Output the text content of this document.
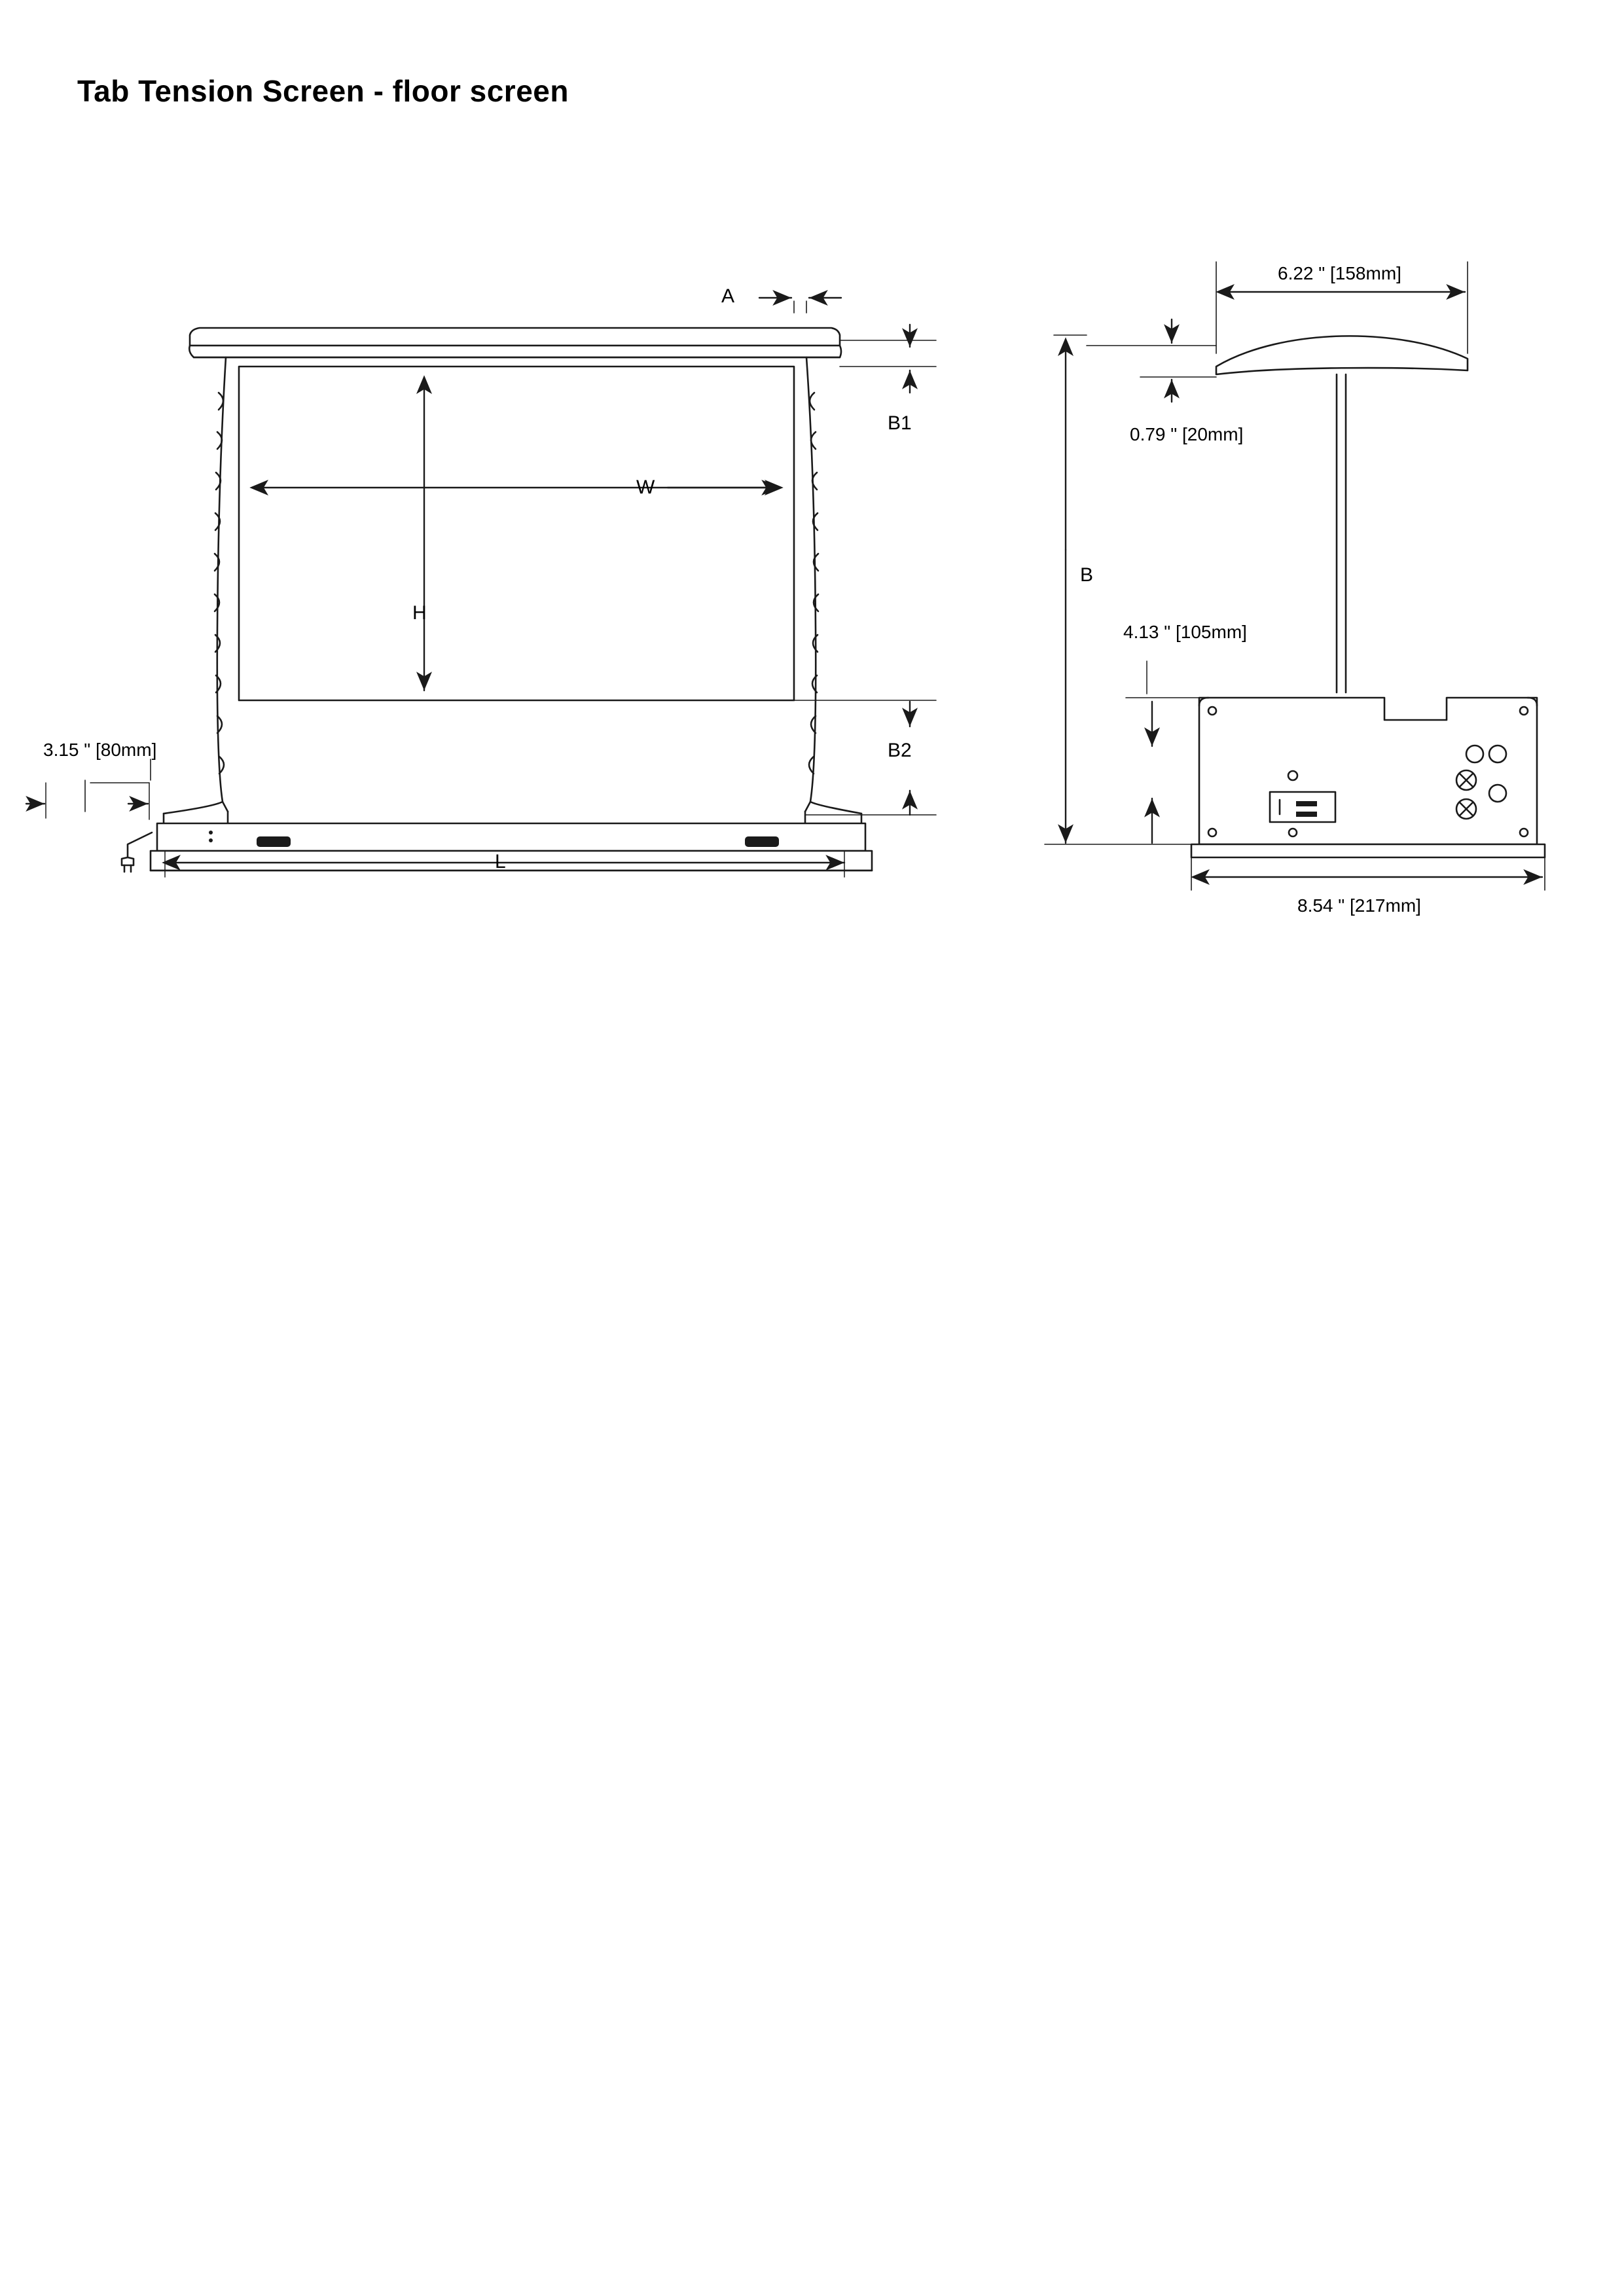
Tab Tension Screen - floor screen
A
B1
B2
W
H
L
3.15 " [80mm]
6.22 " [158mm]
0.79 " [20mm]
B
4.13 " [105mm]
8.54 " [217mm]
